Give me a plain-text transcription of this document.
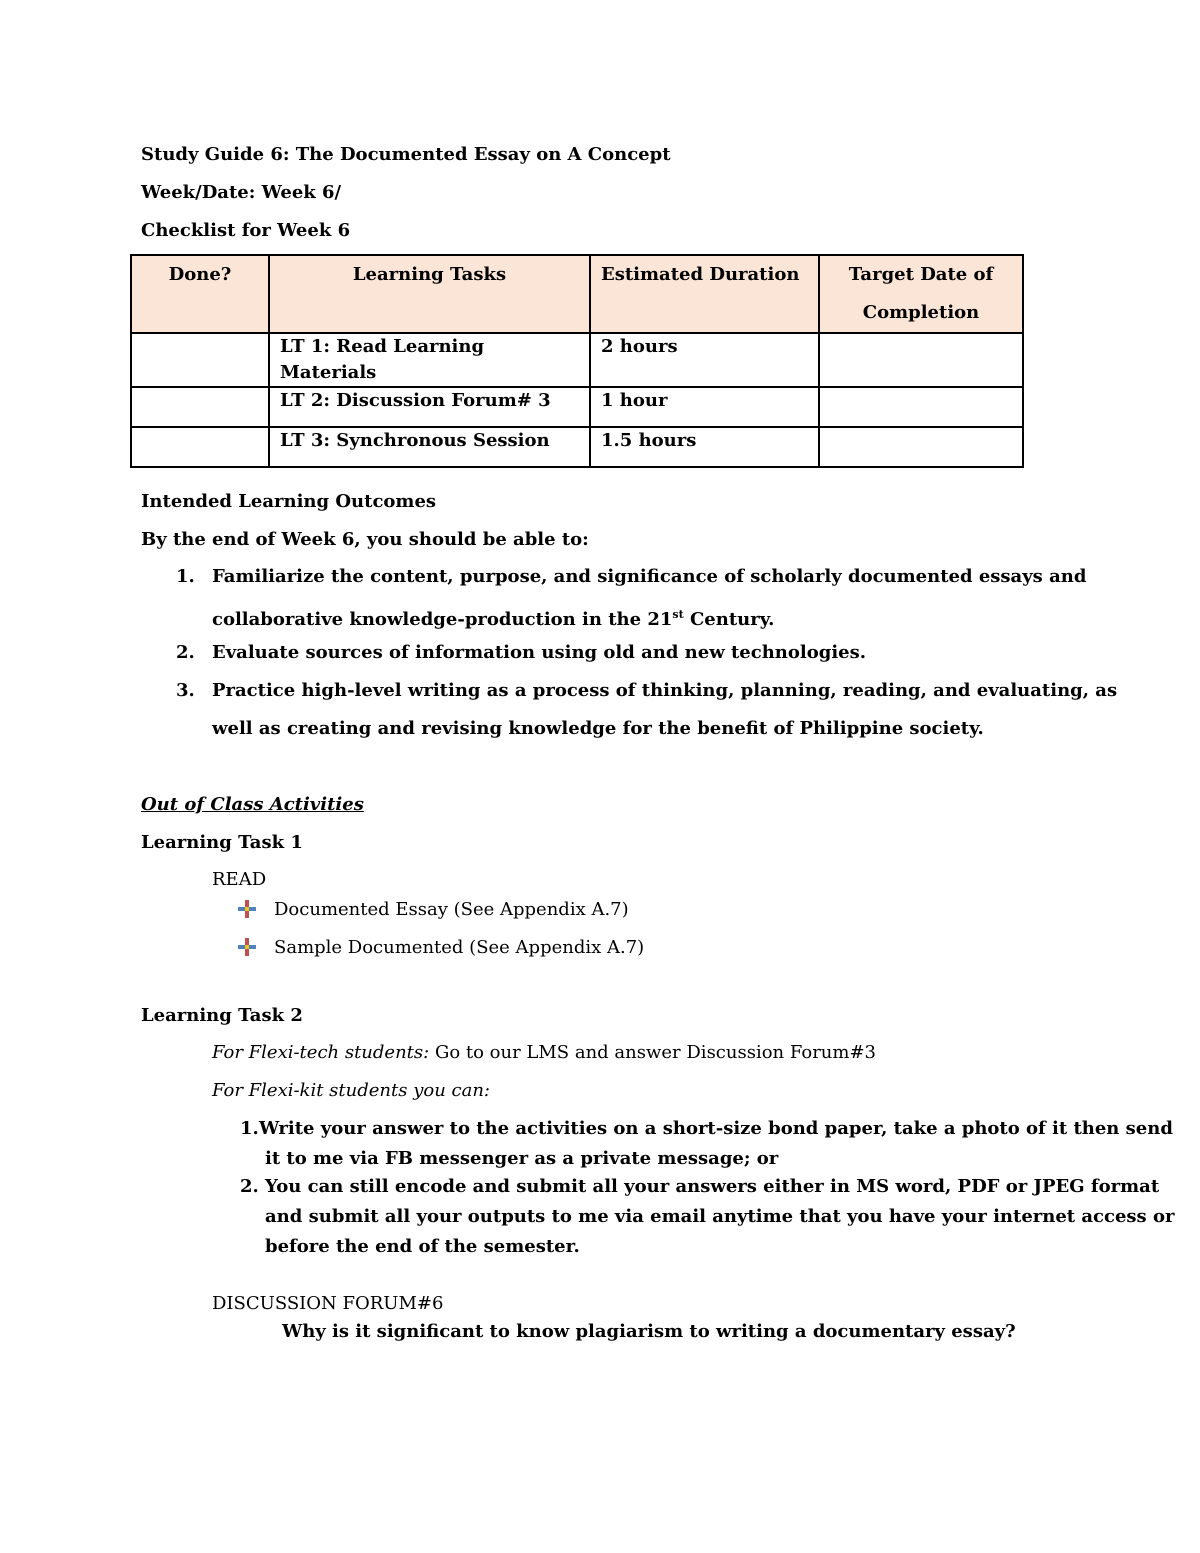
Study Guide 6: The Documented Essay on A Concept
Week/Date: Week 6/
Checklist for Week 6
Done?	Learning Tasks	Estimated Duration	Target Date of
Completion

	LT 1: Read Learning Materials	2 hours	
	LT 2: Discussion Forum# 3	1 hour	
	LT 3: Synchronous Session	1.5 hours	
Intended Learning Outcomes
By the end of Week 6, you should be able to:
1. Familiarize the content, purpose, and significance of scholarly documented essays and
collaborative knowledge-production in the 21st Century.
2. Evaluate sources of information using old and new technologies.
3. Practice high-level writing as a process of thinking, planning, reading, and evaluating, as
well as creating and revising knowledge for the benefit of Philippine society.
Out of Class Activities
Learning Task 1
READ
Documented Essay (See Appendix A.7)
Sample Documented (See Appendix A.7)
Learning Task 2
For Flexi-tech students: Go to our LMS and answer Discussion Forum#3
For Flexi-kit students you can:
1. Write your answer to the activities on a short-size bond paper, take a photo of it then send
it to me via FB messenger as a private message; or
2. You can still encode and submit all your answers either in MS word, PDF or JPEG format
and submit all your outputs to me via email anytime that you have your internet access or
before the end of the semester.
DISCUSSION FORUM#6
Why is it significant to know plagiarism to writing a documentary essay?
